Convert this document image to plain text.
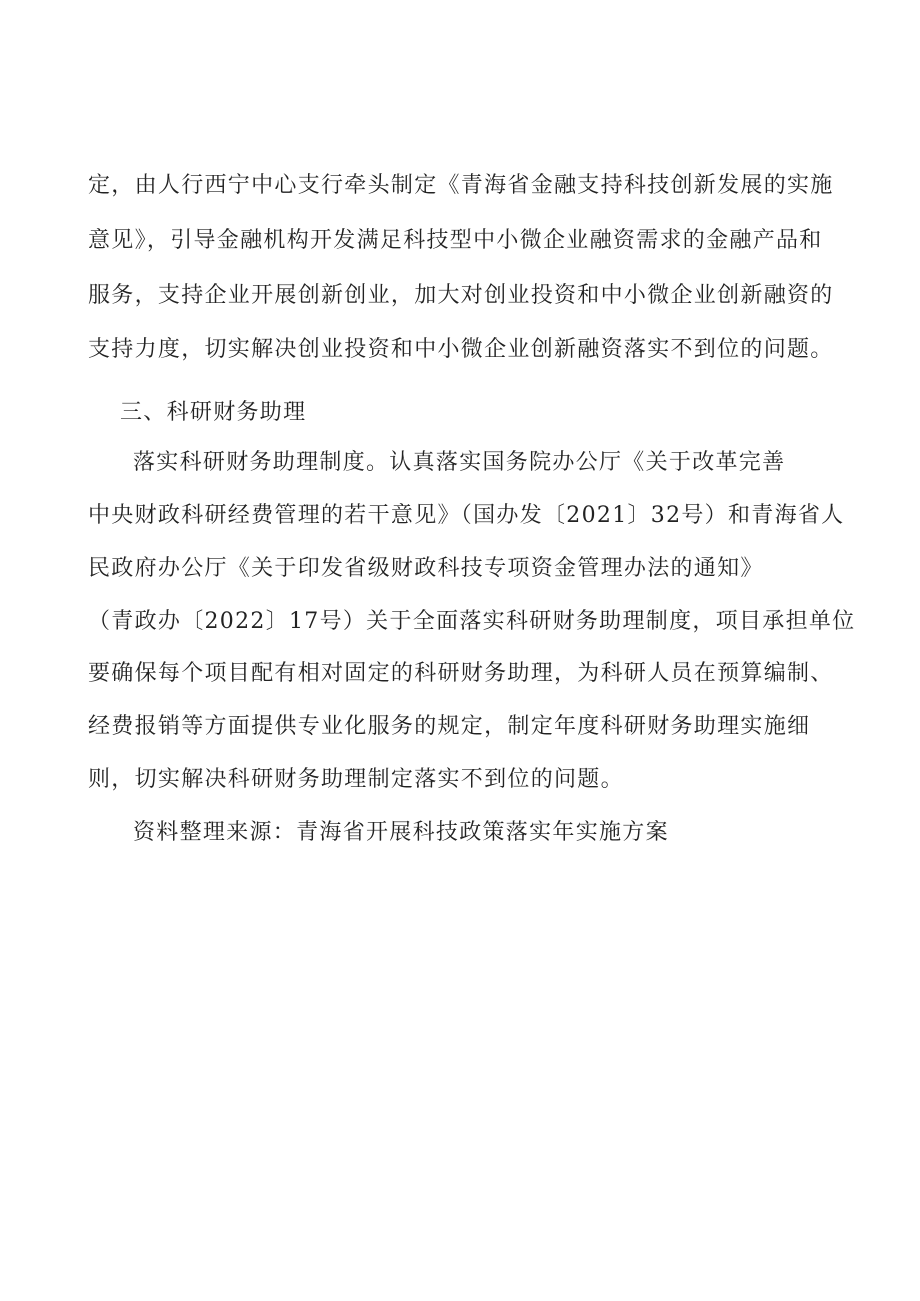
定，由人行西宁中心支行牵头制定《青海省金融支持科技创新发展的实施
意见》，引导金融机构开发满足科技型中小微企业融资需求的金融产品和
服务，支持企业开展创新创业，加大对创业投资和中小微企业创新融资的
支持力度，切实解决创业投资和中小微企业创新融资落实不到位的问题。
三、科研财务助理
落实科研财务助理制度。认真落实国务院办公厅《关于改革完善
中央财政科研经费管理的若干意见》（国办发〔2021〕32号）和青海省人
民政府办公厅《关于印发省级财政科技专项资金管理办法的通知》
（青政办〔2022〕17号）关于全面落实科研财务助理制度，项目承担单位
要确保每个项目配有相对固定的科研财务助理，为科研人员在预算编制、
经费报销等方面提供专业化服务的规定，制定年度科研财务助理实施细
则，切实解决科研财务助理制定落实不到位的问题。
资料整理来源：青海省开展科技政策落实年实施方案
